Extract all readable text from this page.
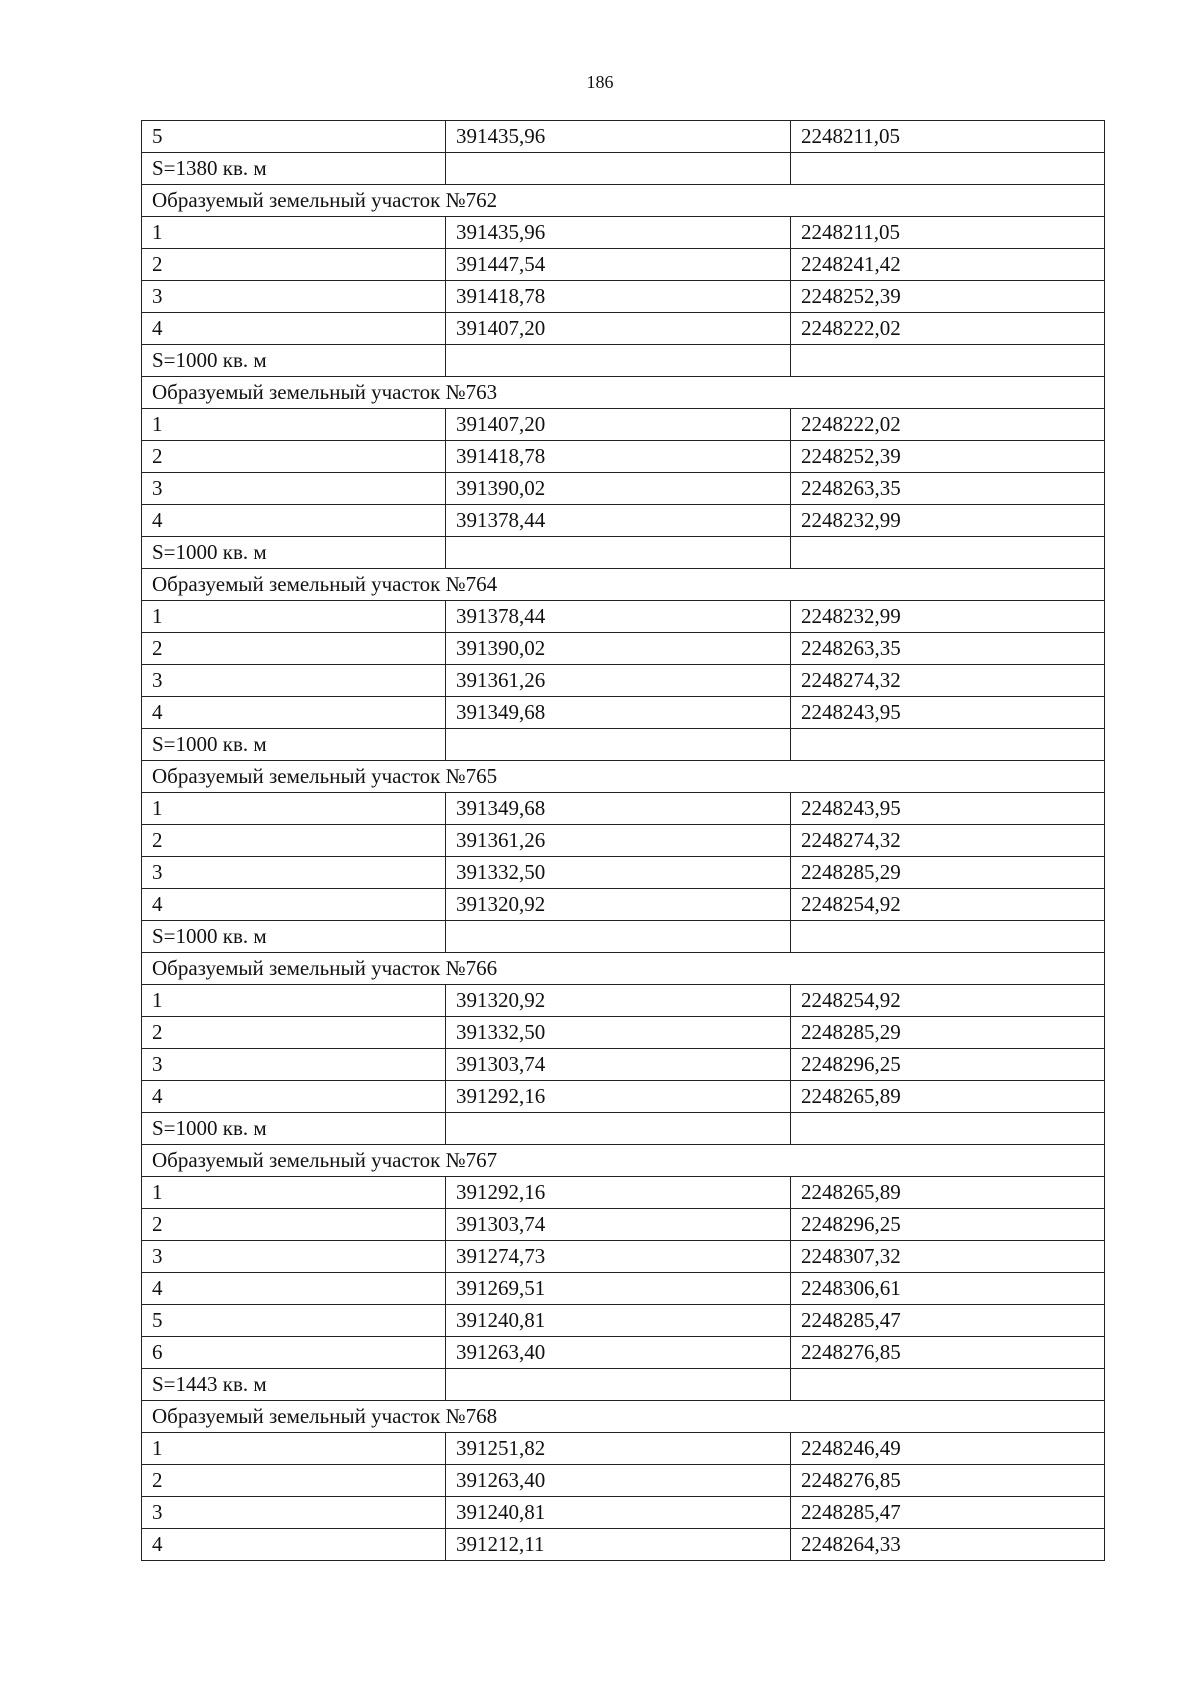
186
5	391435,96	2248211,05
S=1380 кв. м		
Образуемый земельный участок №762		
1	391435,96	2248211,05
2	391447,54	2248241,42
3	391418,78	2248252,39
4	391407,20	2248222,02
S=1000 кв. м		
Образуемый земельный участок №763		
1	391407,20	2248222,02
2	391418,78	2248252,39
3	391390,02	2248263,35
4	391378,44	2248232,99
S=1000 кв. м		
Образуемый земельный участок №764		
1	391378,44	2248232,99
2	391390,02	2248263,35
3	391361,26	2248274,32
4	391349,68	2248243,95
S=1000 кв. м		
Образуемый земельный участок №765		
1	391349,68	2248243,95
2	391361,26	2248274,32
3	391332,50	2248285,29
4	391320,92	2248254,92
S=1000 кв. м		
Образуемый земельный участок №766		
1	391320,92	2248254,92
2	391332,50	2248285,29
3	391303,74	2248296,25
4	391292,16	2248265,89
S=1000 кв. м		
Образуемый земельный участок №767		
1	391292,16	2248265,89
2	391303,74	2248296,25
3	391274,73	2248307,32
4	391269,51	2248306,61
5	391240,81	2248285,47
6	391263,40	2248276,85
S=1443 кв. м		
Образуемый земельный участок №768		
1	391251,82	2248246,49
2	391263,40	2248276,85
3	391240,81	2248285,47
4	391212,11	2248264,33
